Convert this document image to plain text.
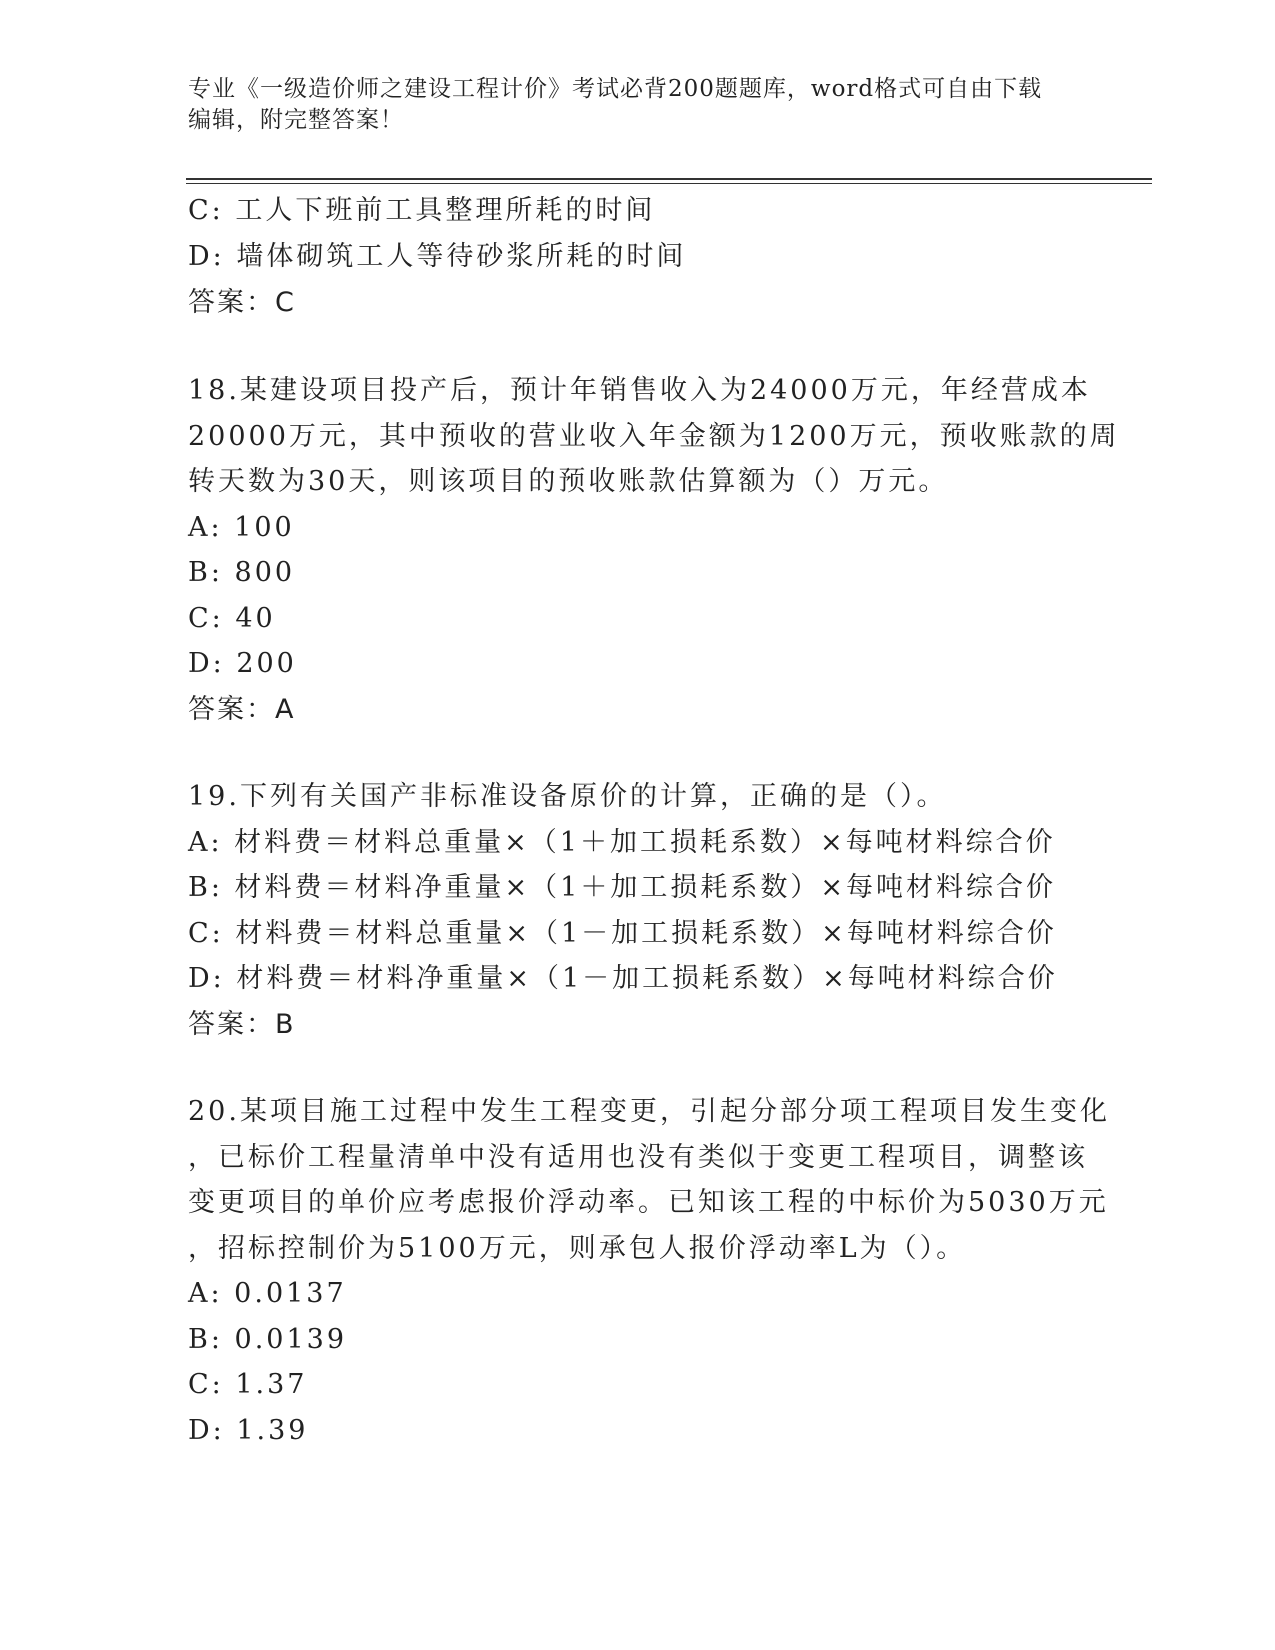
专业《一级造价师之建设工程计价》考试必背200题题库，word格式可自由下载
编辑，附完整答案！
C: 工人下班前工具整理所耗的时间
D: 墙体砌筑工人等待砂浆所耗的时间
答案：C
18.某建设项目投产后，预计年销售收入为24000万元，年经营成本
20000万元，其中预收的营业收入年金额为1200万元，预收账款的周
转天数为30天，则该项目的预收账款估算额为（）万元。
A: 100
B: 800
C: 40
D: 200
答案：A
19.下列有关国产非标准设备原价的计算，正确的是（）。
A: 材料费＝材料总重量×（1＋加工损耗系数）×每吨材料综合价
B: 材料费＝材料净重量×（1＋加工损耗系数）×每吨材料综合价
C: 材料费＝材料总重量×（1－加工损耗系数）×每吨材料综合价
D: 材料费＝材料净重量×（1－加工损耗系数）×每吨材料综合价
答案：B
20.某项目施工过程中发生工程变更，引起分部分项工程项目发生变化
，已标价工程量清单中没有适用也没有类似于变更工程项目，调整该
变更项目的单价应考虑报价浮动率。已知该工程的中标价为5030万元
，招标控制价为5100万元，则承包人报价浮动率L为（）。
A: 0.0137
B: 0.0139
C: 1.37
D: 1.39
